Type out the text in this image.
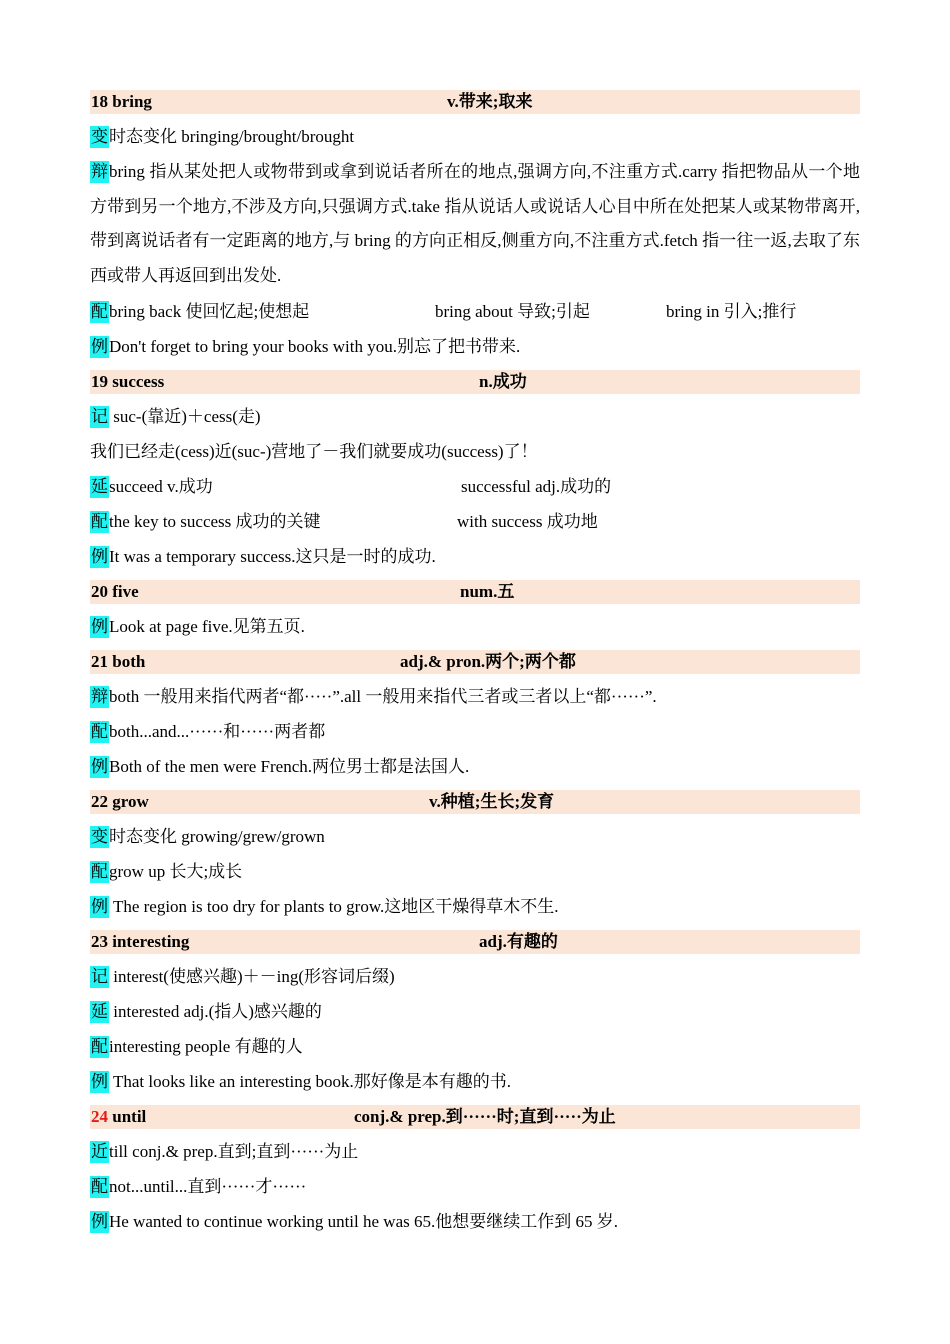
18 bring	v.带来;取来
变时态变化 bringing/brought/brought
辩bring 指从某处把人或物带到或拿到说话者所在的地点,强调方向,不注重方式.carry 指把物品从一个地方带到另一个地方,不涉及方向,只强调方式.take 指从说话人或说话人心目中所在处把某人或某物带离开,带到离说话者有一定距离的地方,与 bring 的方向正相反,侧重方向,不注重方式.fetch 指一往一返,去取了东西或带人再返回到出发处.
配bring back 使回忆起;使想起	bring about 导致;引起	bring in 引入;推行
例Don't forget to bring your books with you.别忘了把书带来.
19 success	n.成功
记 suc-(靠近)＋cess(走)
我们已经走(cess)近(suc-)营地了－我们就要成功(success)了！
延succeed v.成功	successful adj.成功的
配the key to success 成功的关键	with success 成功地
例It was a temporary success.这只是一时的成功.
20 five	num.五
例Look at page five.见第五页.
21 both	adj.& pron.两个;两个都
辩both 一般用来指代两者“都·····”.all 一般用来指代三者或三者以上“都······”.
配both...and...······和······两者都
例Both of the men were French.两位男士都是法国人.
22 grow	v.种植;生长;发育
变时态变化 growing/grew/grown
配grow up 长大;成长
例 The region is too dry for plants to grow.这地区干燥得草木不生.
23 interesting	adj.有趣的
记 interest(使感兴趣)＋－ing(形容词后缀)
延 interested adj.(指人)感兴趣的
配interesting people 有趣的人
例 That looks like an interesting book.那好像是本有趣的书.
24 until	conj.& prep.到······时;直到·····为止
近till conj.& prep.直到;直到······为止
配not...until...直到······才······
例He wanted to continue working until he was 65.他想要继续工作到 65 岁.
